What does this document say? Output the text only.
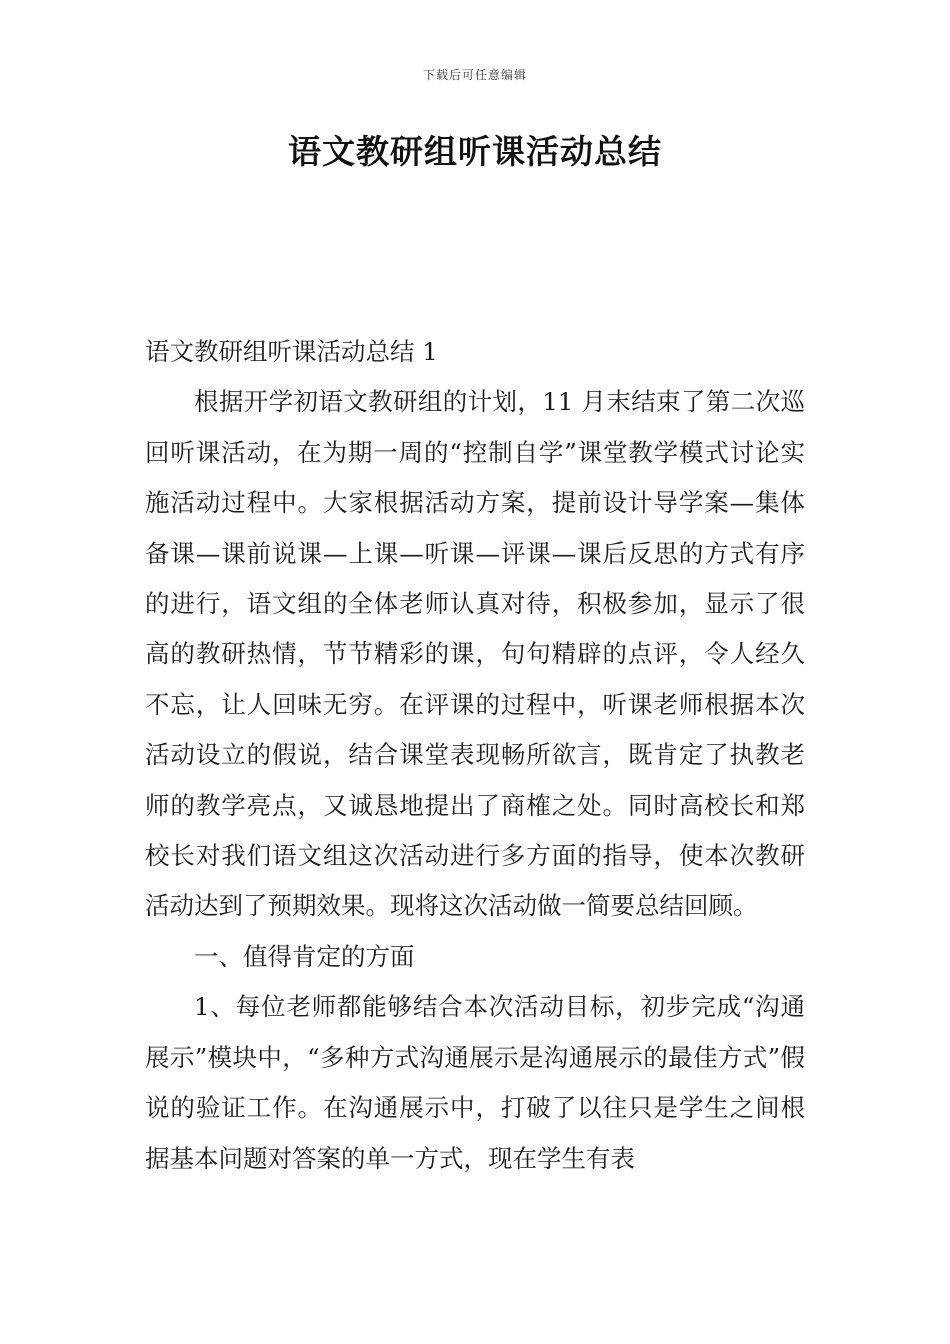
下载后可任意编辑
语文教研组听课活动总结

语文教研组听课活动总结 1

根据开学初语文教研组的计划，11 月末结束了第二次巡回听课活动，在为期一周的“控制自学”课堂教学模式讨论实施活动过程中。大家根据活动方案，提前设计导学案—集体备课—课前说课—上课—听课—评课—课后反思的方式有序的进行，语文组的全体老师认真对待，积极参加，显示了很高的教研热情，节节精彩的课，句句精辟的点评，令人经久不忘，让人回味无穷。在评课的过程中，听课老师根据本次活动设立的假说，结合课堂表现畅所欲言，既肯定了执教老师的教学亮点，又诚恳地提出了商榷之处。同时高校长和郑校长对我们语文组这次活动进行多方面的指导，使本次教研活动达到了预期效果。现将这次活动做一简要总结回顾。

一、值得肯定的方面

1、每位老师都能够结合本次活动目标，初步完成“沟通展示”模块中，“多种方式沟通展示是沟通展示的最佳方式”假说的验证工作。在沟通展示中，打破了以往只是学生之间根据基本问题对答案的单一方式，现在学生有表
